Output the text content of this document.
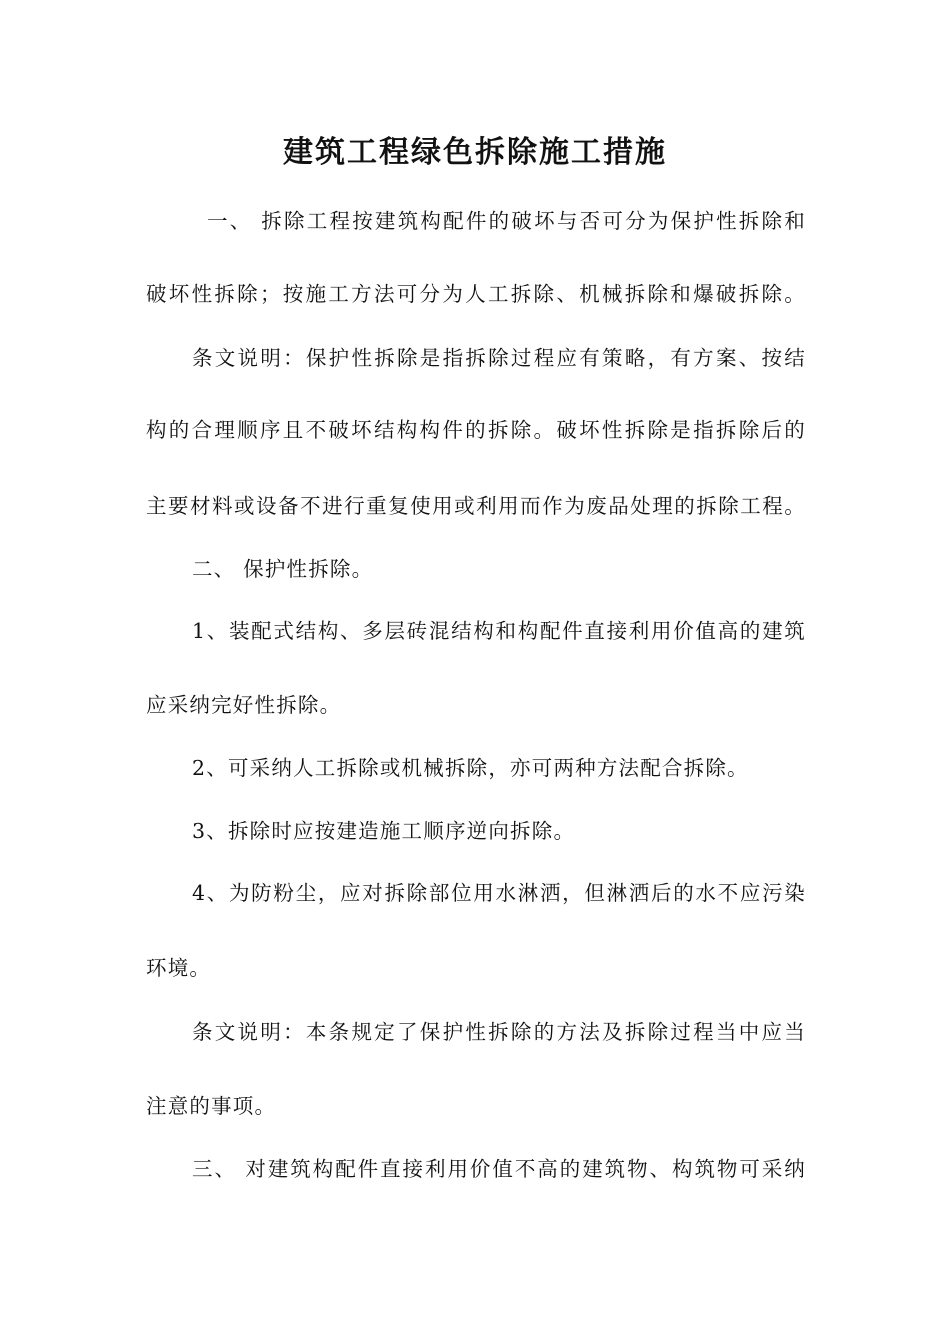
建筑工程绿色拆除施工措施
一、 拆除工程按建筑构配件的破坏与否可分为保护性拆除和
破坏性拆除；按施工方法可分为人工拆除、机械拆除和爆破拆除。
条文说明：保护性拆除是指拆除过程应有策略，有方案、按结
构的合理顺序且不破坏结构构件的拆除。破坏性拆除是指拆除后的
主要材料或设备不进行重复使用或利用而作为废品处理的拆除工程。
二、 保护性拆除。
1、装配式结构、多层砖混结构和构配件直接利用价值高的建筑
应采纳完好性拆除。
2、可采纳人工拆除或机械拆除，亦可两种方法配合拆除。
3、拆除时应按建造施工顺序逆向拆除。
4、为防粉尘，应对拆除部位用水淋洒，但淋洒后的水不应污染
环境。
条文说明：本条规定了保护性拆除的方法及拆除过程当中应当
注意的事项。
三、 对建筑构配件直接利用价值不高的建筑物、构筑物可采纳
